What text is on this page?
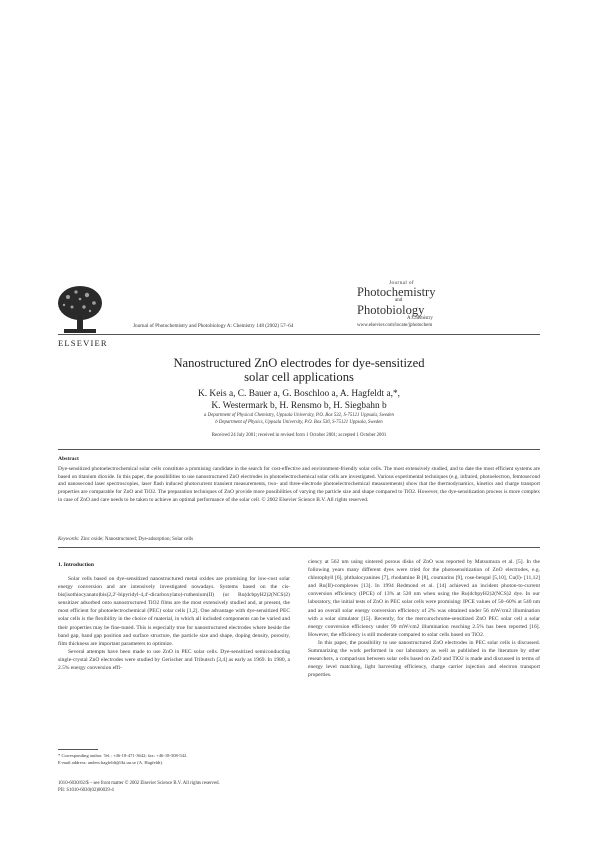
ELSEVIER
Journal of Photochemistry and Photobiology A: Chemistry 148 (2002) 57–64
Journal of
Photochemistry
and
Photobiology
A:Chemistry
www.elsevier.com/locate/jphotochem
Nanostructured ZnO electrodes for dye-sensitized
solar cell applications
K. Keis a, C. Bauer a, G. Boschloo a, A. Hagfeldt a,*,
K. Westermark b, H. Rensmo b, H. Siegbahn b
a Department of Physical Chemistry, Uppsala University, P.O. Box 532, S-75121 Uppsala, Sweden
b Department of Physics, Uppsala University, P.O. Box 530, S-75121 Uppsala, Sweden
Received 24 July 2001; received in revised form 1 October 2001; accepted 1 October 2001
Abstract
Dye-sensitized photoelectrochemical solar cells constitute a promising candidate in the search for cost-effective and environment-friendly solar cells. The most extensively studied, and to date the most efficient systems are based on titanium dioxide. In this paper, the possibilities to use nanostructured ZnO electrodes in photoelectrochemical solar cells are investigated. Various experimental techniques (e.g. infrared, photoelectron, femtosecond and nanosecond laser spectroscopies, laser flash induced photocurrent transient measurements, two- and three-electrode photoelectrochemical measurements) show that the thermodynamics, kinetics and charge transport properties are comparable for ZnO and TiO2. The preparation techniques of ZnO provide more possibilities of varying the particle size and shape compared to TiO2. However, the dye-sensitization process is more complex in case of ZnO and care needs to be taken to achieve an optimal performance of the solar cell. © 2002 Elsevier Science B.V. All rights reserved.
Keywords: Zinc oxide; Nanostructured; Dye-adsorption; Solar cells
1. Introduction

Solar cells based on dye-sensitized nanostructured metal oxides are promising for low-cost solar energy conversion and are intensively investigated nowadays. Systems based on the cis-bis(isothiocyanato)bis(2,2′-bipyridyl-4,4′-dicarboxylato)-ruthenium(II) (or Ru(dcbpyH2)2(NCS)2) sensitizer adsorbed onto nanostructured TiO2 films are the most extensively studied and, at present, the most efficient for photoelectrochemical (PEC) solar cells [1,2]. One advantage with dye-sensitized PEC solar cells is the flexibility in the choice of material, in which all included components can be varied and their properties may be fine-tuned. This is especially true for nanostructured electrodes where beside the band gap, band gap position and surface structure, the particle size and shape, doping density, porosity, film thickness are important parameters to optimize.

Several attempts have been made to use ZnO in PEC solar cells. Dye-sensitized semiconducting single-crystal ZnO electrodes were studied by Gerischer and Tributsch [3,4] as early as 1969. In 1980, a 2.5% energy conversion effi-

ciency at 562 nm using sintered porous disks of ZnO was reported by Matsumura et al. [5]. In the following years many different dyes were tried for the photosensitization of ZnO electrodes, e.g. chlorophyll [6], phthalocyanines [7], rhodamine B [8], coumarins [9], rose-bengal [5,10], Cu(I)- [11,12] and Ru(II)-complexes [13]. In 1994 Redmond et al. [14] achieved an incident photon-to-current conversion efficiency (IPCE) of 13% at 520 nm when using the Ru(dcbpyH2)2(NCS)2 dye. In our laboratory, the initial tests of ZnO in PEC solar cells were promising: IPCE values of 50–60% at 540 nm and an overall solar energy conversion efficiency of 2% was obtained under 56 mW/cm2 illumination with a solar simulator [15]. Recently, for the mercurochrome-sensitized ZnO PEC solar cell a solar energy conversion efficiency under 99 mW/cm2 illumination reaching 2.5% has been reported [16]. However, the efficiency is still moderate compared to solar cells based on TiO2.

In this paper, the possibility to use nanostructured ZnO electrodes in PEC solar cells is discussed. Summarizing the work performed in our laboratory as well as published in the literature by other researchers, a comparison between solar cells based on ZnO and TiO2 is made and discussed in terms of energy level matching, light harvesting efficiency, charge carrier injection and electron transport properties.

* Corresponding author. Tel.: +46-18-471-3642; fax: +46-18-508-542.
E-mail address: anders.hagfeldt@fki.uu.se (A. Hagfeldt).
1010-6030/02/$ – see front matter © 2002 Elsevier Science B.V. All rights reserved.
PII: S1010-6030(02)00039-4
